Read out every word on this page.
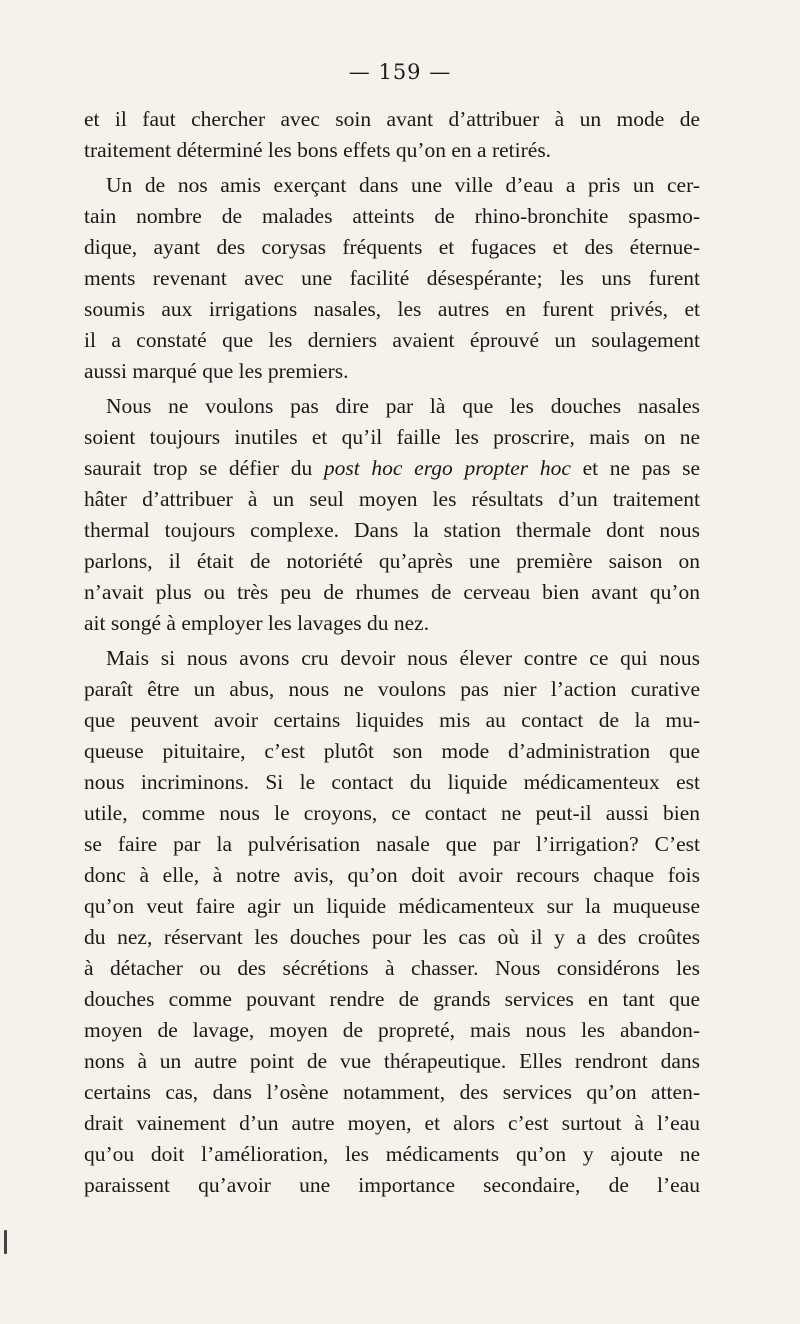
— 159 —
et il faut chercher avec soin avant d’attribuer à un mode de
traitement déterminé les bons effets qu’on en a retirés.
Un de nos amis exerçant dans une ville d’eau a pris un cer-
tain nombre de malades atteints de rhino-bronchite spasmo-
dique, ayant des corysas fréquents et fugaces et des éternue-
ments revenant avec une facilité désespérante; les uns furent
soumis aux irrigations nasales, les autres en furent privés, et
il a constaté que les derniers avaient éprouvé un soulagement
aussi marqué que les premiers.
Nous ne voulons pas dire par là que les douches nasales
soient toujours inutiles et qu’il faille les proscrire, mais on ne
saurait trop se défier du post hoc ergo propter hoc et ne pas se
hâter d’attribuer à un seul moyen les résultats d’un traitement
thermal toujours complexe. Dans la station thermale dont nous
parlons, il était de notoriété qu’après une première saison on
n’avait plus ou très peu de rhumes de cerveau bien avant qu’on
ait songé à employer les lavages du nez.
Mais si nous avons cru devoir nous élever contre ce qui nous
paraît être un abus, nous ne voulons pas nier l’action curative
que peuvent avoir certains liquides mis au contact de la mu-
queuse pituitaire, c’est plutôt son mode d’administration que
nous incriminons. Si le contact du liquide médicamenteux est
utile, comme nous le croyons, ce contact ne peut-il aussi bien
se faire par la pulvérisation nasale que par l’irrigation? C’est
donc à elle, à notre avis, qu’on doit avoir recours chaque fois
qu’on veut faire agir un liquide médicamenteux sur la muqueuse
du nez, réservant les douches pour les cas où il y a des croûtes
à détacher ou des sécrétions à chasser. Nous considérons les
douches comme pouvant rendre de grands services en tant que
moyen de lavage, moyen de propreté, mais nous les abandon-
nons à un autre point de vue thérapeutique. Elles rendront dans
certains cas, dans l’osène notamment, des services qu’on atten-
drait vainement d’un autre moyen, et alors c’est surtout à l’eau
qu’ou doit l’amélioration, les médicaments qu’on y ajoute ne
paraissent qu’avoir une importance secondaire, de l’eau
